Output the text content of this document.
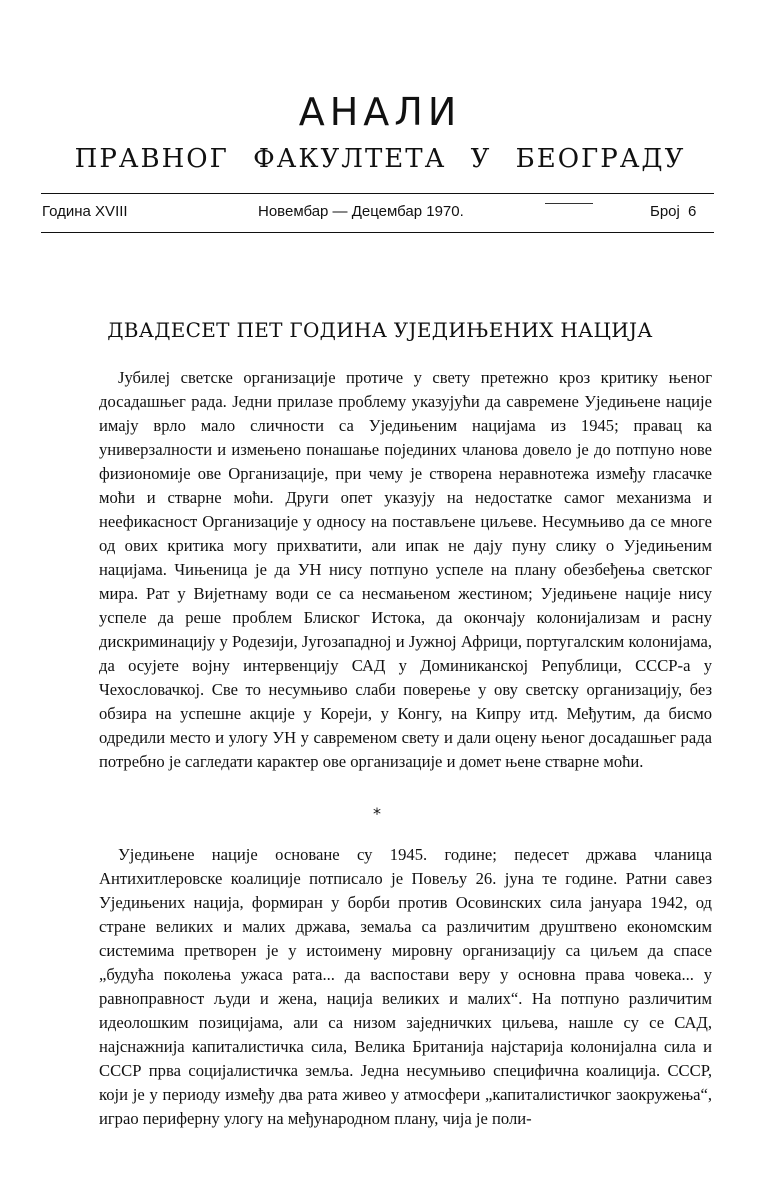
АНАЛИ
ПРАВНОГ ФАКУЛТЕТА У БЕОГРАДУ
Година XVIII	Новембар — Децембар 1970.	Број 6
ДВАДЕСЕТ ПЕТ ГОДИНА УЈЕДИЊЕНИХ НАЦИЈА

Јубилеј светске организације протиче у свету претежно кроз критику њеног досадашњег рада. Једни прилазе проблему указујући да савремене Уједињене нације имају врло мало сличности са Уједињеним нацијама из 1945; правац ка универзалности и измењено понашање појединих чланова довело је до потпуно нове физиономије ове Организације, при чему је створена неравнотежа између гласачке моћи и стварне моћи. Други опет указују на недостатке самог механизма и неефикасност Организације у односу на постављене циљеве. Несумњиво да се многе од ових критика могу прихватити, али ипак не дају пуну слику о Уједињеним нацијама. Чињеница је да УН нису потпуно успеле на плану обезбеђења светског мира. Рат у Вијетнаму води се са несмањеном жестином; Уједињене нације нису успеле да реше проблем Блиског Истока, да окончају колонијализам и расну дискриминацију у Родезији, Југозападној и Јужној Африци, португалским колонијама, да осујете војну интервенцију САД у Доминиканској Републици, СССР-а у Чехословачкој. Све то несумњиво слаби поверење у ову светску организацију, без обзира на успешне акције у Кореји, у Конгу, на Кипру итд. Међутим, да бисмо одредили место и улогу УН у савременом свету и дали оцену њеног досадашњег рада потребно је сагледати карактер ове организације и домет њене стварне моћи.

*

Уједињене нације основане су 1945. године; педесет држава чланица Антихитлеровске коалиције потписало је Повељу 26. јуна те године. Ратни савез Уједињених нација, формиран у борби против Осовинских сила јануара 1942, од стране великих и малих држава, земаља са различитим друштвено економским системима претворен је у истоимену мировну организацију са циљем да спасе „будућа поколења ужаса рата... да васпостави веру у основна права човека... у равноправност људи и жена, нација великих и малих“. На потпуно различитим идеолошким позицијама, али са низом заједничких циљева, нашле су се САД, најснажнија капиталистичка сила, Велика Британија најстарија колонијална сила и СССР прва социјалистичка земља. Једна несумњиво специфична коалиција. СССР, који је у периоду између два рата живео у атмосфери „капиталистичког заокружења“, играо периферну улогу на међународном плану, чија је поли-
